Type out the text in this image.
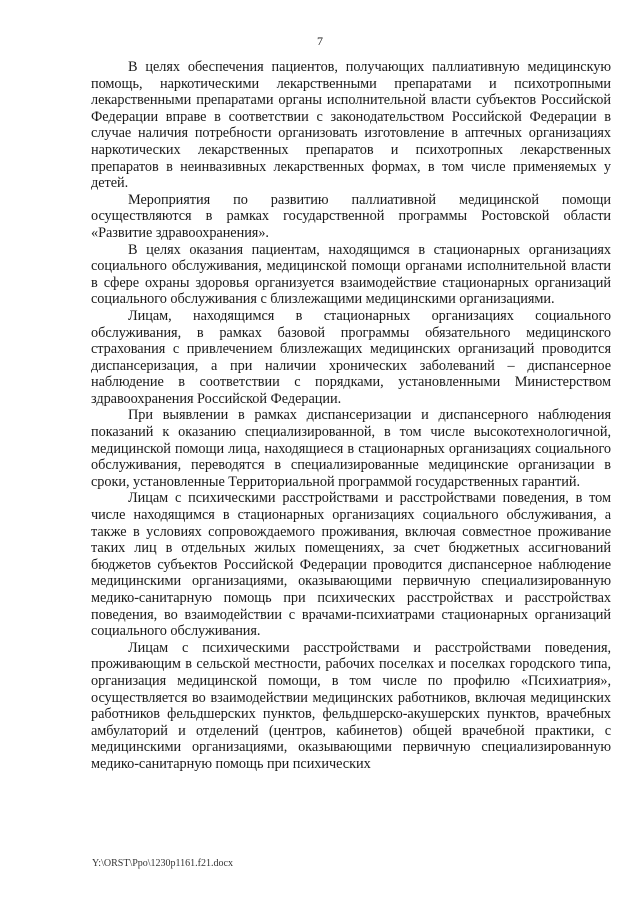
7

В целях обеспечения пациентов, получающих паллиативную медицинскую помощь, наркотическими лекарственными препаратами и психотропными лекарственными препаратами органы исполнительной власти субъектов Российской Федерации вправе в соответствии с законодательством Российской Федерации в случае наличия потребности организовать изготовление в аптечных организациях наркотических лекарственных препаратов и психотропных лекарственных препаратов в неинвазивных лекарственных формах, в том числе применяемых у детей.

Мероприятия по развитию паллиативной медицинской помощи осуществляются в рамках государственной программы Ростовской области «Развитие здравоохранения».

В целях оказания пациентам, находящимся в стационарных организациях социального обслуживания, медицинской помощи органами исполнительной власти в сфере охраны здоровья организуется взаимодействие стационарных организаций социального обслуживания с близлежащими медицинскими организациями.

Лицам, находящимся в стационарных организациях социального обслуживания, в рамках базовой программы обязательного медицинского страхования с привлечением близлежащих медицинских организаций проводится диспансеризация, а при наличии хронических заболеваний – диспансерное наблюдение в соответствии с порядками, установленными Министерством здравоохранения Российской Федерации.

При выявлении в рамках диспансеризации и диспансерного наблюдения показаний к оказанию специализированной, в том числе высокотехнологичной, медицинской помощи лица, находящиеся в стационарных организациях социального обслуживания, переводятся в специализированные медицинские организации в сроки, установленные Территориальной программой государственных гарантий.

Лицам с психическими расстройствами и расстройствами поведения, в том числе находящимся в стационарных организациях социального обслуживания, а также в условиях сопровождаемого проживания, включая совместное проживание таких лиц в отдельных жилых помещениях, за счет бюджетных ассигнований бюджетов субъектов Российской Федерации проводится диспансерное наблюдение медицинскими организациями, оказывающими первичную специализированную медико-санитарную помощь при психических расстройствах и расстройствах поведения, во взаимодействии с врачами-психиатрами стационарных организаций социального обслуживания.

Лицам с психическими расстройствами и расстройствами поведения, проживающим в сельской местности, рабочих поселках и поселках городского типа, организация медицинской помощи, в том числе по профилю «Психиатрия», осуществляется во взаимодействии медицинских работников, включая медицинских работников фельдшерских пунктов, фельдшерско-акушерских пунктов, врачебных амбулаторий и отделений (центров, кабинетов) общей врачебной практики, с медицинскими организациями, оказывающими первичную специализированную медико-санитарную помощь при психических

Y:\ORST\Ppo\1230p1161.f21.docx
